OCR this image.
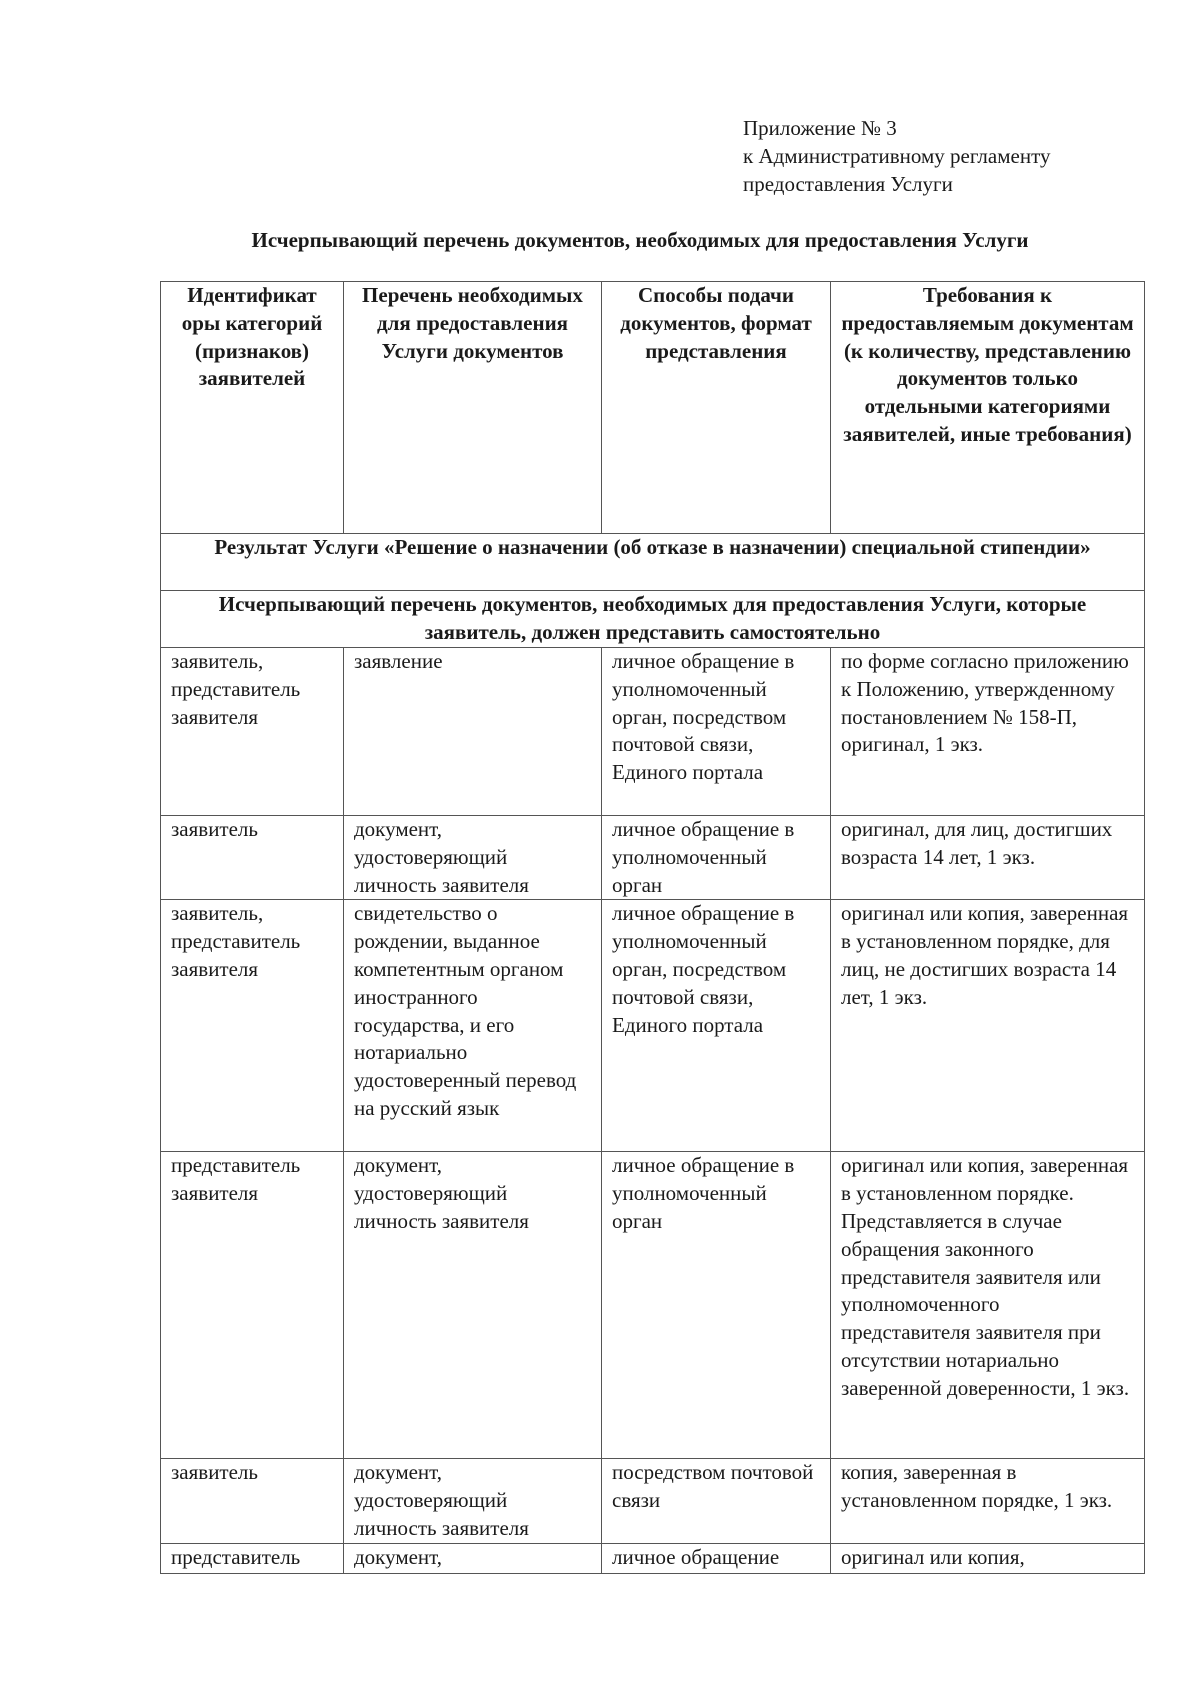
Приложение № 3
к Административному регламенту
предоставления Услуги
Исчерпывающий перечень документов, необходимых для предоставления Услуги
Идентификат оры категорий (признаков) заявителей	Перечень необходимых для предоставления Услуги документов	Способы подачи документов, формат представления	Требования к предоставляемым документам (к количеству, представлению документов только отдельными категориями заявителей, иные требования)
Результат Услуги «Решение о назначении (об отказе в назначении) специальной стипендии»			
Исчерпывающий перечень документов, необходимых для предоставления Услуги, которые заявитель, должен представить самостоятельно			
заявитель, представитель заявителя	заявление	личное обращение в уполномоченный орган, посредством почтовой связи, Единого портала	по форме согласно приложению к Положению, утвержденному постановлением № 158-П, оригинал, 1 экз.
заявитель	документ, удостоверяющий личность заявителя	личное обращение в уполномоченный орган	оригинал, для лиц, достигших возраста 14 лет, 1 экз.
заявитель, представитель заявителя	свидетельство о рождении, выданное компетентным органом иностранного государства, и его нотариально удостоверенный перевод на русский язык	личное обращение в уполномоченный орган, посредством почтовой связи, Единого портала	оригинал или копия, заверенная в установленном порядке, для лиц, не достигших возраста 14 лет, 1 экз.
представитель заявителя	документ, удостоверяющий личность заявителя	личное обращение в уполномоченный орган	оригинал или копия, заверенная в установленном порядке. Представляется в случае обращения законного представителя заявителя или уполномоченного представителя заявителя при отсутствии нотариально заверенной доверенности, 1 экз.
заявитель	документ, удостоверяющий личность заявителя	посредством почтовой связи	копия, заверенная в установленном порядке, 1 экз.
представитель	документ,	личное обращение	оригинал или копия,
